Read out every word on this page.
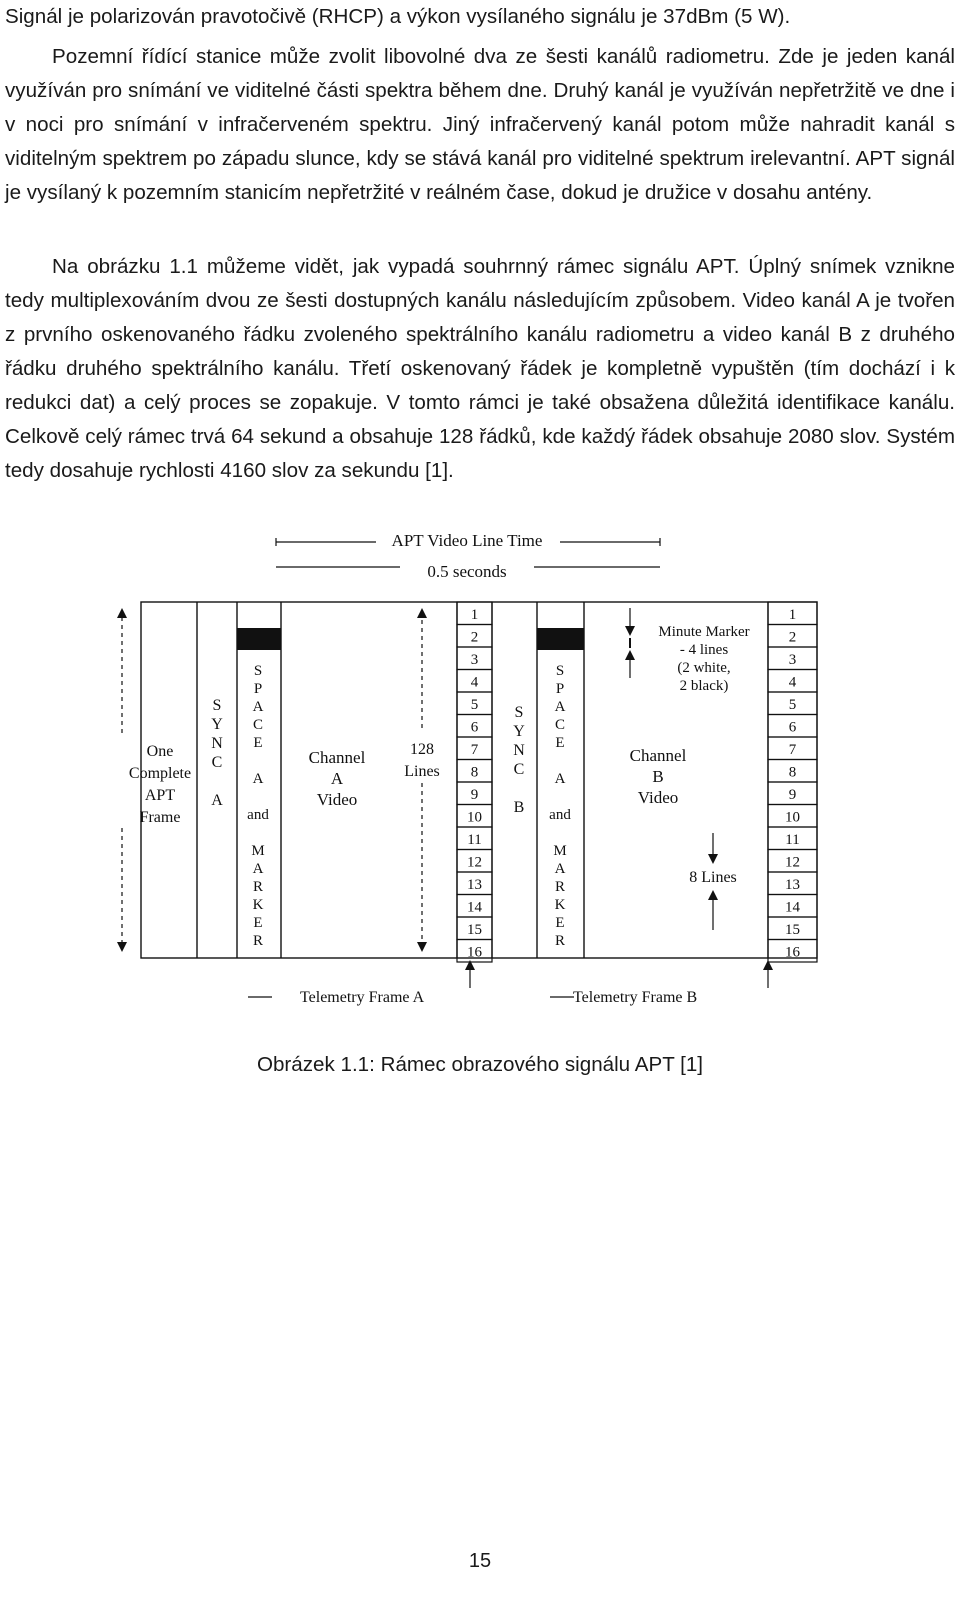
Signál je polarizován pravotočivě (RHCP) a výkon vysílaného signálu je 37dBm (5 W).

Pozemní řídící stanice může zvolit libovolné dva ze šesti kanálů radiometru. Zde je jeden kanál využíván pro snímání ve viditelné části spektra během dne. Druhý kanál je využíván nepřetržitě ve dne i v noci pro snímání v infračerveném spektru. Jiný infračervený kanál potom může nahradit kanál s viditelným spektrem po západu slunce, kdy se stává kanál pro viditelné spektrum irelevantní. APT signál je vysílaný k pozemním stanicím nepřetržité v reálném čase, dokud je družice v dosahu antény.

Na obrázku 1.1 můžeme vidět, jak vypadá souhrnný rámec signálu APT. Úplný snímek vznikne tedy multiplexováním dvou ze šesti dostupných kanálu následujícím způsobem. Video kanál A je tvořen z prvního oskenovaného řádku zvoleného spektrálního kanálu radiometru a video kanál B z druhého řádku druhého spektrálního kanálu. Třetí oskenovaný řádek je kompletně vypuštěn (tím dochází i k redukci dat) a celý proces se zopakuje. V tomto rámci je také obsažena důležitá identifikace kanálu. Celkově celý rámec trvá 64 sekund a obsahuje 128 řádků, kde každý řádek obsahuje 2080 slov. Systém tedy dosahuje rychlosti 4160 slov za sekundu [1].

APT Video Line Time
0.5 seconds
One
Complete
APT
Frame
128
Lines
S
Y
N
C
A
S
P
A
C
E
A
and
M
A
R
K
E
R
S
Y
N
C
B
S
P
A
C
E
A
and
M
A
R
K
E
R
Channel
A
Video
Channel
B
Video
1
2
3
4
5
6
7
8
9
10
11
12
13
14
15
16
1
2
3
4
5
6
7
8
9
10
11
12
13
14
15
16
Minute Marker
- 4 lines
(2 white,
2 black)
8 Lines
Telemetry Frame A	Telemetry Frame B
Obrázek 1.1: Rámec obrazového signálu APT [1]
15
